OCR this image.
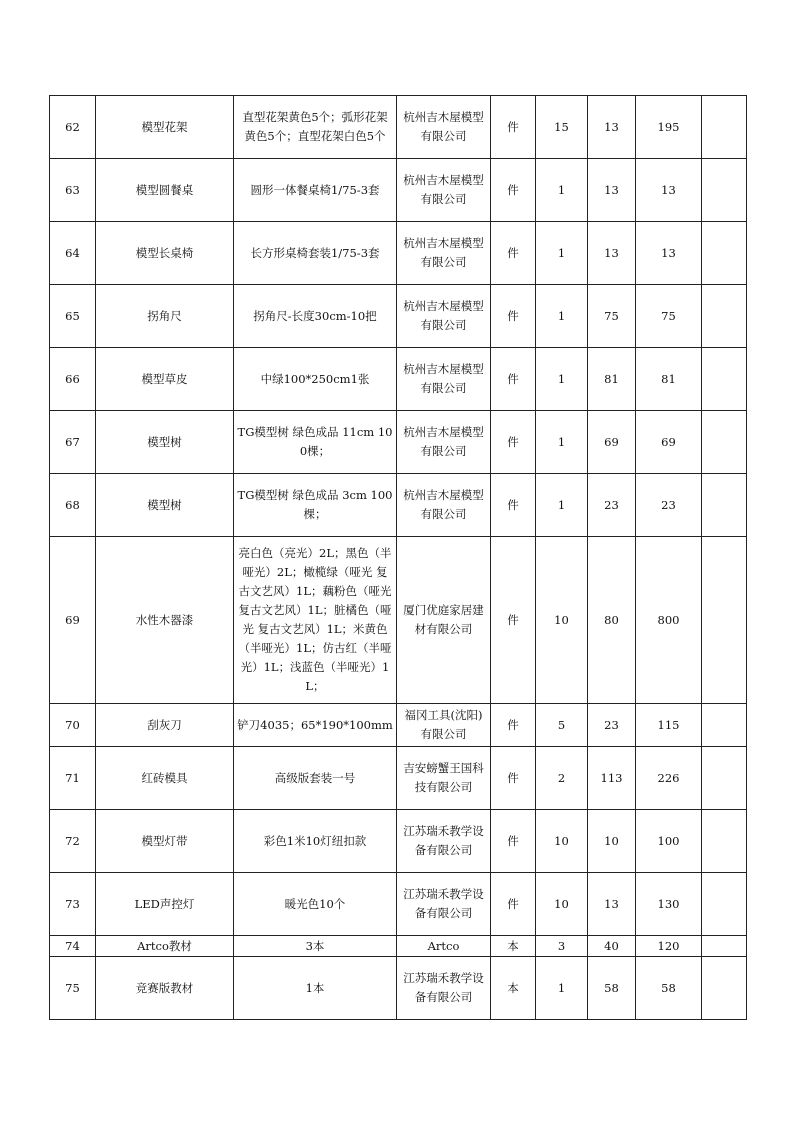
62	模型花架	直型花架黄色5个；弧形花架黄色5个；直型花架白色5个	杭州吉木屋模型有限公司	件	15	13	195	
63	模型圆餐桌	圆形一体餐桌椅1/75-3套	杭州吉木屋模型有限公司	件	1	13	13	
64	模型长桌椅	长方形桌椅套装1/75-3套	杭州吉木屋模型有限公司	件	1	13	13	
65	拐角尺	拐角尺-长度30cm-10把	杭州吉木屋模型有限公司	件	1	75	75	
66	模型草皮	中绿100*250cm1张	杭州吉木屋模型有限公司	件	1	81	81	
67	模型树	TG模型树 绿色成品 11cm 100棵；	杭州吉木屋模型有限公司	件	1	69	69	
68	模型树	TG模型树 绿色成品 3cm 100棵；	杭州吉木屋模型有限公司	件	1	23	23	
69	水性木器漆	亮白色（亮光）2L；黑色（半哑光）2L；橄榄绿（哑光 复古文艺风）1L；藕粉色（哑光 复古文艺风）1L；脏橘色（哑光 复古文艺风）1L；米黄色（半哑光）1L；仿古红（半哑光）1L；浅蓝色（半哑光）1L；	厦门优庭家居建材有限公司	件	10	80	800	
70	刮灰刀	铲刀4035；65*190*100mm	福冈工具(沈阳)有限公司	件	5	23	115	
71	红砖模具	高级版套装一号	吉安螃蟹王国科技有限公司	件	2	113	226	
72	模型灯带	彩色1米10灯纽扣款	江苏瑞禾教学设备有限公司	件	10	10	100	
73	LED声控灯	暖光色10个	江苏瑞禾教学设备有限公司	件	10	13	130	
74	Artco教材	3本	Artco	本	3	40	120	
75	竞赛版教材	1本	江苏瑞禾教学设备有限公司	本	1	58	58	
